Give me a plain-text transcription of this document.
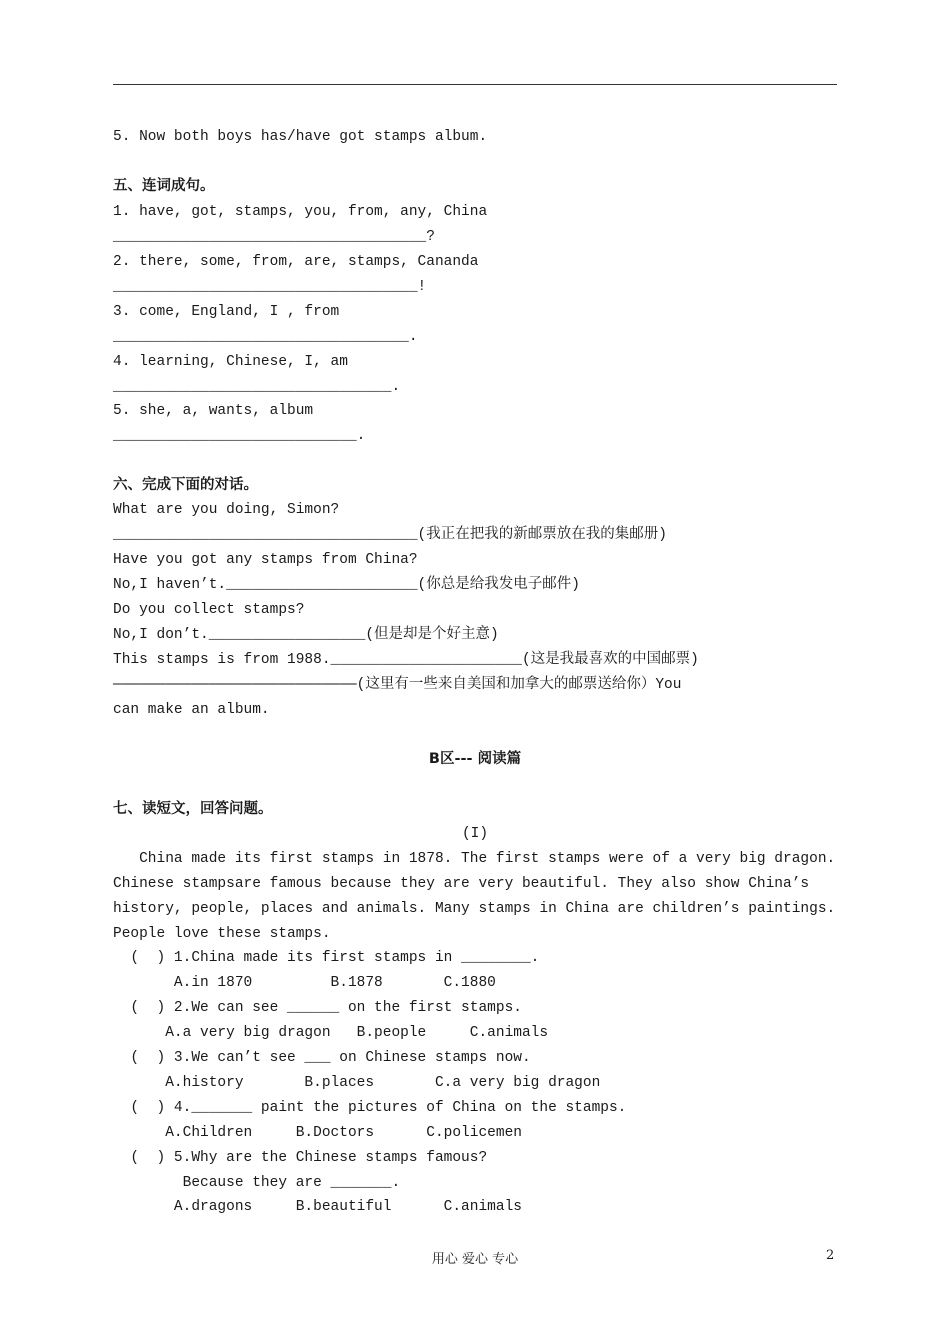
5. Now both boys has/have got stamps album.
五、连词成句。
1. have, got, stamps, you, from, any, China
____________________________________?
2. there, some, from, are, stamps, Cananda
___________________________________!
3. come, England, I , from
__________________________________.
4. learning, Chinese, I, am
________________________________.
5. she, a, wants, album
____________________________.
六、完成下面的对话。
What are you doing, Simon?
___________________________________(我正在把我的新邮票放在我的集邮册)
Have you got any stamps from China?
No,I haven’t.______________________(你总是给我发电子邮件)
Do you collect stamps?
No,I don’t.__________________(但是却是个好主意)
This stamps is from 1988.______________________(这是我最喜欢的中国邮票)
————————————————————————————(这里有一些来自美国和加拿大的邮票送给你）You
can make an album.
B区--- 阅读篇
七、读短文，回答问题。
(I)
China made its first stamps in 1878. The first stamps were of a very big dragon.
Chinese stampsare famous because they are very beautiful. They also show China’s
history, people, places and animals. Many stamps in China are children’s paintings.
People love these stamps.
(  ) 1.China made its first stamps in ________.
A.in 1870         B.1878       C.1880
(  ) 2.We can see ______ on the first stamps.
A.a very big dragon   B.people     C.animals
(  ) 3.We can’t see ___ on Chinese stamps now.
A.history       B.places       C.a very big dragon
(  ) 4._______ paint the pictures of China on the stamps.
A.Children     B.Doctors      C.policemen
(  ) 5.Why are the Chinese stamps famous?
Because they are _______.
A.dragons     B.beautiful      C.animals
用心 爱心 专心	2
